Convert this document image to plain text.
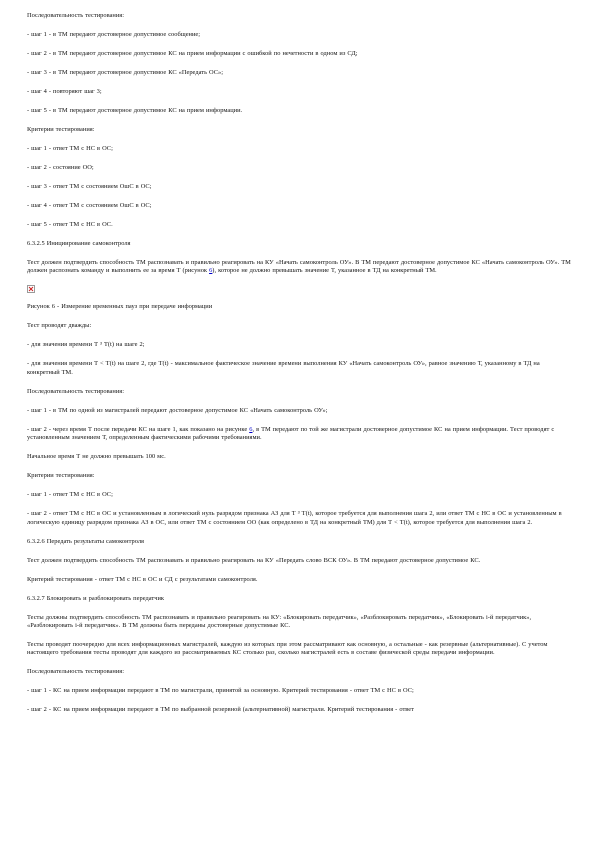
Последовательность тестирования:

- шаг 1 - в ТМ передают достоверное допустимое сообщение;

- шаг 2 - в ТМ передают достоверное допустимое КС на прием информации с ошибкой по нечетности в одном из СД;

- шаг 3 - в ТМ передают достоверное допустимое КС «Передать ОС»;

- шаг 4 - повторяют шаг 3;

- шаг 5 - в ТМ передают достоверное допустимое КС на прием информации.

Критерии тестирования:

- шаг 1 - ответ ТМ с НС в ОС;

- шаг 2 - состояние ОО;

- шаг 3 - ответ ТМ с состоянием ОшС в ОС;

- шаг 4 - ответ ТМ с состоянием ОшС в ОС;

- шаг 5 - ответ ТМ с НС в ОС.

6.3.2.5 Инициирование самоконтроля

Тест должен подтвердить способность ТМ распознавать и правильно реагировать на КУ «Начать самоконтроль ОУ». В ТМ передают достоверное допустимое КС «Начать самоконтроль ОУ». ТМ должен распознать команду и выполнить ее за время Т (рисунок 6), которое не должно превышать значение Т, указанное в ТД на конкретный ТМ.

Рисунок 6 - Измерение временных пауз при передаче информации

Тест проводят дважды:

- для значения времени Т ³ Т(t) на шаге 2;

- для значения времени Т < Т(t) на шаге 2, где Т(t) - максимальное фактическое значение времени выполнения КУ «Начать самоконтроль ОУ», равное значению Т, указанному в ТД на конкретный ТМ.

Последовательность тестирования:

- шаг 1 - в ТМ по одной из магистралей передают достоверное допустимое КС «Начать самоконтроль ОУ»;

- шаг 2 - через время Т после передачи КС на шаге 1, как показано на рисунке 6, в ТМ передают по той же магистрали достоверное допустимое КС на прием информации. Тест проводят с установленным значением Т, определенным фактическими рабочими требованиями.

Начальное время Т не должно превышать 100 мс.

Критерии тестирования:

- шаг 1 - ответ ТМ с НС в ОС;

- шаг 2 - ответ ТМ с НС в ОС и установленным в логический нуль разрядом признака АЗ для Т ³ Т(t), которое требуется для выполнения шага 2, или ответ ТМ с НС в ОС и установленным в логическую единицу разрядом признака АЗ в ОС, или ответ ТМ с состоянием ОО (как определено в ТД на конкретный ТМ) для Т < Т(t), которое требуется для выполнения шага 2.

6.3.2.6 Передать результаты самоконтроля

Тест должен подтвердить способность ТМ распознавать и правильно реагировать на КУ «Передать слово ВСК ОУ». В ТМ передают достоверное допустимое КС.

Критерий тестирования - ответ ТМ с НС в ОС и СД с результатами самоконтроля.

6.3.2.7 Блокировать и разблокировать передатчик

Тесты должны подтвердить способность ТМ распознавать и правильно реагировать на КУ: «Блокировать передатчик», «Разблокировать передатчик», «Блокировать i-й передатчик», «Разблокировать i-й передатчик». В ТМ должны быть переданы достоверные допустимые КС.

Тесты проводят поочередно для всех информационных магистралей, каждую из которых при этом рассматривают как основную, а остальные - как резервные (альтернативные). С учетом настоящего требования тесты проводят для каждого из рассматриваемых КС столько раз, сколько магистралей есть в составе физической среды передачи информации.

Последовательность тестирования:

- шаг 1 - КС на прием информации передают в ТМ по магистрали, принятой за основную. Критерий тестирования - ответ ТМ с НС в ОС;

- шаг 2 - КС на прием информации передают в ТМ по выбранной резервной (альтернативной) магистрали. Критерий тестирования - ответ
